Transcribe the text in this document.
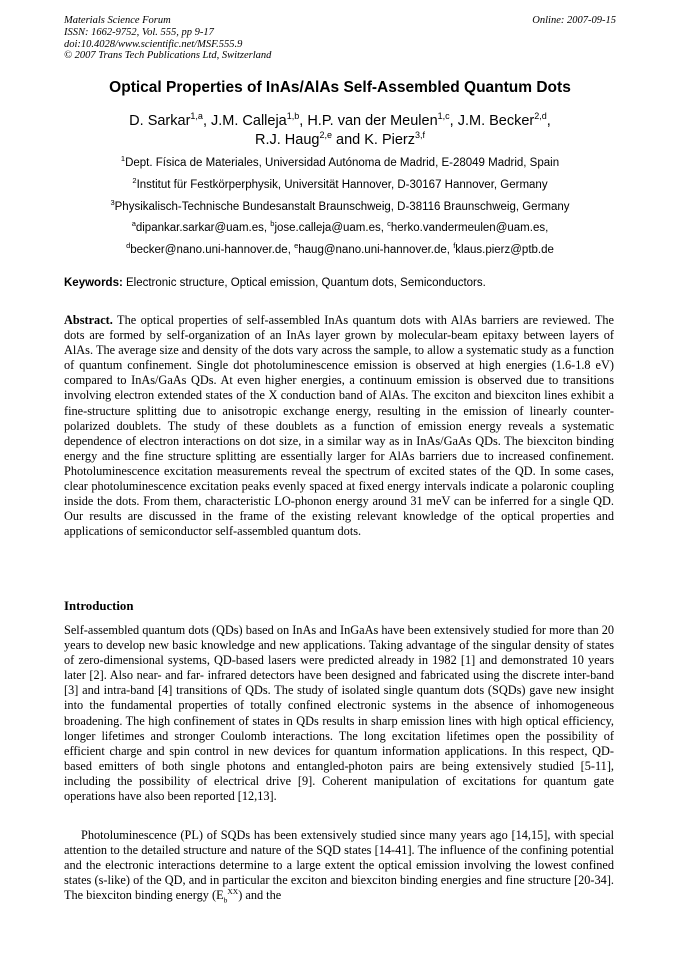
Materials Science Forum
ISSN: 1662-9752, Vol. 555, pp 9-17
doi:10.4028/www.scientific.net/MSF.555.9
© 2007 Trans Tech Publications Ltd, Switzerland
Online: 2007-09-15
Optical Properties of InAs/AlAs Self-Assembled Quantum Dots
D. Sarkar$^{1,a}$, J.M. Calleja$^{1,b}$, H.P. van der Meulen$^{1,c}$, J.M. Becker$^{2,d}$,
R.J. Haug$^{2,e}$ and K. Pierz$^{3,f}$
$^1$Dept. Física de Materiales, Universidad Autónoma de Madrid, E-28049 Madrid, Spain
$^2$Institut für Festkörperphysik, Universität Hannover, D-30167 Hannover, Germany
$^3$Physikalisch-Technische Bundesanstalt Braunschweig, D-38116 Braunschweig, Germany
$^a$dipankar.sarkar@uam.es, $^b$jose.calleja@uam.es, $^c$herko.vandermeulen@uam.es,
$^d$becker@nano.uni-hannover.de, $^e$haug@nano.uni-hannover.de, $^f$klaus.pierz@ptb.de
Keywords: Electronic structure, Optical emission, Quantum dots, Semiconductors.
Abstract. The optical properties of self-assembled InAs quantum dots with AlAs barriers are reviewed. The dots are formed by self-organization of an InAs layer grown by molecular-beam epitaxy between layers of AlAs. The average size and density of the dots vary across the sample, to allow a systematic study as a function of quantum confinement. Single dot photoluminescence emission is observed at high energies (1.6-1.8 eV) compared to InAs/GaAs QDs. At even higher energies, a continuum emission is observed due to transitions involving electron extended states of the X conduction band of AlAs. The exciton and biexciton lines exhibit a fine-structure splitting due to anisotropic exchange energy, resulting in the emission of linearly counter-polarized doublets. The study of these doublets as a function of emission energy reveals a systematic dependence of electron interactions on dot size, in a similar way as in InAs/GaAs QDs. The biexciton binding energy and the fine structure splitting are essentially larger for AlAs barriers due to increased confinement. Photoluminescence excitation measurements reveal the spectrum of excited states of the QD. In some cases, clear photoluminescence excitation peaks evenly spaced at fixed energy intervals indicate a polaronic coupling inside the dots. From them, characteristic LO-phonon energy around 31 meV can be inferred for a single QD. Our results are discussed in the frame of the existing relevant knowledge of the optical properties and applications of semiconductor self-assembled quantum dots.
Introduction
Self-assembled quantum dots (QDs) based on InAs and InGaAs have been extensively studied for more than 20 years to develop new basic knowledge and new applications. Taking advantage of the singular density of states of zero-dimensional systems, QD-based lasers were predicted already in 1982 [1] and demonstrated 10 years later [2]. Also near- and far- infrared detectors have been designed and fabricated using the discrete inter-band [3] and intra-band [4] transitions of QDs. The study of isolated single quantum dots (SQDs) gave new insight into the fundamental properties of totally confined electronic systems in the absence of inhomogeneous broadening. The high confinement of states in QDs results in sharp emission lines with high optical efficiency, longer lifetimes and stronger Coulomb interactions. The long excitation lifetimes open the possibility of efficient charge and spin control in new devices for quantum information applications. In this respect, QD-based emitters of both single photons and entangled-photon pairs are being extensively studied [5-11], including the possibility of electrical drive [9]. Coherent manipulation of excitations for quantum gate operations have also been reported [12,13].
Photoluminescence (PL) of SQDs has been extensively studied since many years ago [14,15], with special attention to the detailed structure and nature of the SQD states [14-41]. The influence of the confining potential and the electronic interactions determine to a large extent the optical emission involving the lowest confined states (s-like) of the QD, and in particular the exciton and biexciton binding energies and fine structure [20-34]. The biexciton binding energy $(E_b^{XX})$ and the
